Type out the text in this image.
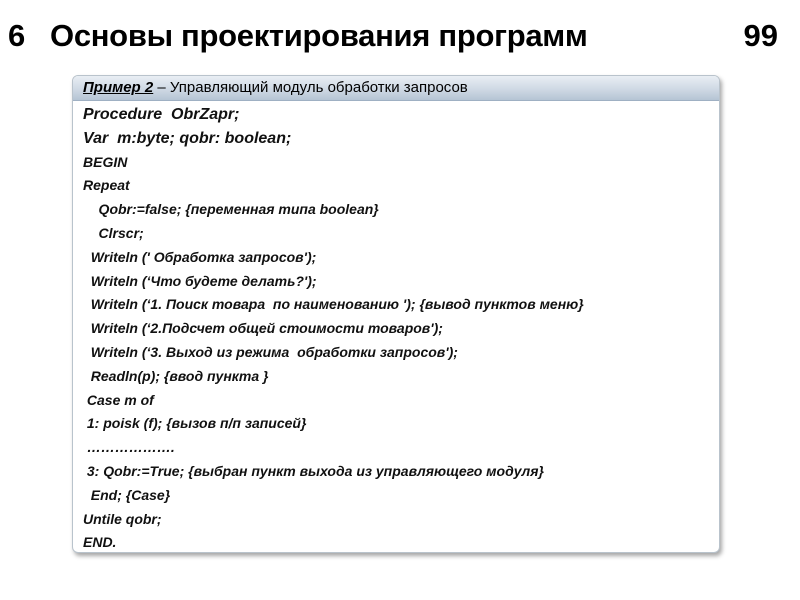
6 Основы проектирования программ	99
Пример 2 – Управляющий модуль обработки запросов
Procedure  ObrZapr;
Var  m:byte; qobr: boolean;
BEGIN
Repeat
Qobr:=false; {переменная типа boolean}
Clrscr;
Writeln (' Обработка запросов');
Writeln (‘Что будете делать?');
Writeln (‘1. Поиск товара  по наименованию '); {вывод пунктов меню}
Writeln (‘2.Подсчет общей стоимости товаров');
Writeln (‘3. Выход из режима  обработки запросов');
Readln(p); {ввод пункта }
Case m of
1: poisk (f); {вызов п/п записей}
……………….
3: Qobr:=True; {выбран пункт выхода из управляющего модуля}
End; {Case}
Untile qobr;
END.
